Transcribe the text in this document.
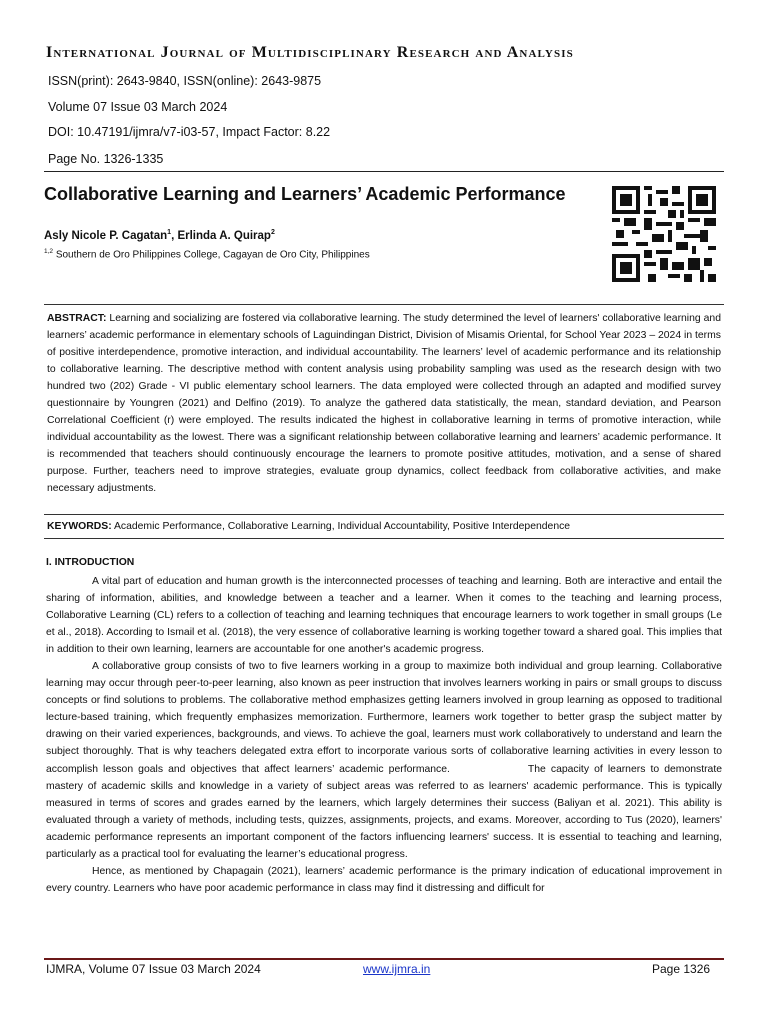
International Journal of Multidisciplinary Research and Analysis
ISSN(print): 2643-9840, ISSN(online): 2643-9875
Volume 07 Issue 03 March 2024
DOI: 10.47191/ijmra/v7-i03-57, Impact Factor: 8.22
Page No. 1326-1335
Collaborative Learning and Learners’ Academic Performance
Asly Nicole P. Cagatan$^1$, Erlinda A. Quirap$^2$
$^{1,2}$ Southern de Oro Philippines College, Cagayan de Oro City, Philippines
ABSTRACT: Learning and socializing are fostered via collaborative learning. The study determined the level of learners' collaborative learning and learners’ academic performance in elementary schools of Laguindingan District, Division of Misamis Oriental, for School Year 2023 – 2024 in terms of positive interdependence, promotive interaction, and individual accountability. The learners’ level of academic performance and its relationship to collaborative learning. The descriptive method with content analysis using probability sampling was used as the research design with two hundred two (202) Grade - VI public elementary school learners. The data employed were collected through an adapted and modified survey questionnaire by Youngren (2021) and Delfino (2019). To analyze the gathered data statistically, the mean, standard deviation, and Pearson Correlational Coefficient (r) were employed. The results indicated the highest in collaborative learning in terms of promotive interaction, while individual accountability as the lowest. There was a significant relationship between collaborative learning and learners’ academic performance. It is recommended that teachers should continuously encourage the learners to promote positive attitudes, motivation, and a sense of shared purpose. Further, teachers need to improve strategies, evaluate group dynamics, collect feedback from collaborative activities, and make necessary adjustments.
KEYWORDS: Academic Performance, Collaborative Learning, Individual Accountability, Positive Interdependence
I. INTRODUCTION

A vital part of education and human growth is the interconnected processes of teaching and learning. Both are interactive and entail the sharing of information, abilities, and knowledge between a teacher and a learner. When it comes to the teaching and learning process, Collaborative Learning (CL) refers to a collection of teaching and learning techniques that encourage learners to work together in small groups (Le et al., 2018). According to Ismail et al. (2018), the very essence of collaborative learning is working together toward a shared goal. This implies that in addition to their own learning, learners are accountable for one another's academic progress.

A collaborative group consists of two to five learners working in a group to maximize both individual and group learning. Collaborative learning may occur through peer-to-peer learning, also known as peer instruction that involves learners working in pairs or small groups to discuss concepts or find solutions to problems. The collaborative method emphasizes getting learners involved in group learning as opposed to traditional lecture-based training, which frequently emphasizes memorization. Furthermore, learners work together to better grasp the subject matter by drawing on their varied experiences, backgrounds, and views. To achieve the goal, learners must work collaboratively to understand and learn the subject thoroughly. That is why teachers delegated extra effort to incorporate various sorts of collaborative learning activities in every lesson to accomplish lesson goals and objectives that affect learners’ academic performance.	The capacity of learners to demonstrate mastery of academic skills and knowledge in a variety of subject areas was referred to as learners' academic performance. This is typically measured in terms of scores and grades earned by the learners, which largely determines their success (Baliyan et al. 2021). This ability is evaluated through a variety of methods, including tests, quizzes, assignments, projects, and exams. Moreover, according to Tus (2020), learners' academic performance represents an important component of the factors influencing learners' success. It is essential to teaching and learning, particularly as a practical tool for evaluating the learner’s educational progress.

Hence, as mentioned by Chapagain (2021), learners’ academic performance is the primary indication of educational improvement in every country. Learners who have poor academic performance in class may find it distressing and difficult for

IJMRA, Volume 07 Issue 03 March 2024	www.ijmra.in	Page 1326
